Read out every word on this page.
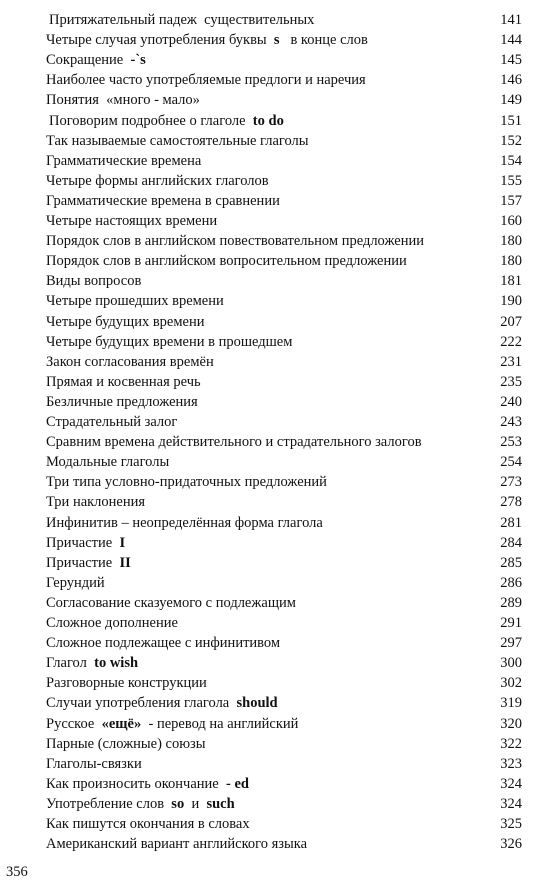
Притяжательный падеж  существительных	141
Четыре случая употребления буквы  s   в конце слов	144
Сокращение  -`s	145
Наиболее часто употребляемые предлоги и наречия	146
Понятия  «много - мало»	149
Поговорим подробнее о глаголе  to do	151
Так называемые самостоятельные глаголы	152
Грамматические времена	154
Четыре формы английских глаголов	155
Грамматические времена в сравнении	157
Четыре настоящих времени	160
Порядок слов в английском повествовательном предложении	180
Порядок слов в английском вопросительном предложении	180
Виды вопросов	181
Четыре прошедших времени	190
Четыре будущих времени	207
Четыре будущих времени в прошедшем	222
Закон согласования времён	231
Прямая и косвенная речь	235
Безличные предложения	240
Страдательный залог	243
Сравним времена действительного и страдательного залогов	253
Модальные глаголы	254
Три типа условно-придаточных предложений	273
Три наклонения	278
Инфинитив – неопределённая форма глагола	281
Причастие  I	284
Причастие  II	285
Герундий	286
Согласование сказуемого с подлежащим	289
Сложное дополнение	291
Сложное подлежащее с инфинитивом	297
Глагол  to wish	300
Разговорные конструкции	302
Случаи употребления глагола  should	319
Русское  «ещё»  - перевод на английский	320
Парные (сложные) союзы	322
Глаголы-связки	323
Как произносить окончание  - ed	324
Употребление слов  so  и  such	324
Как пишутся окончания в словах	325
Американский вариант английского языка	326
356
